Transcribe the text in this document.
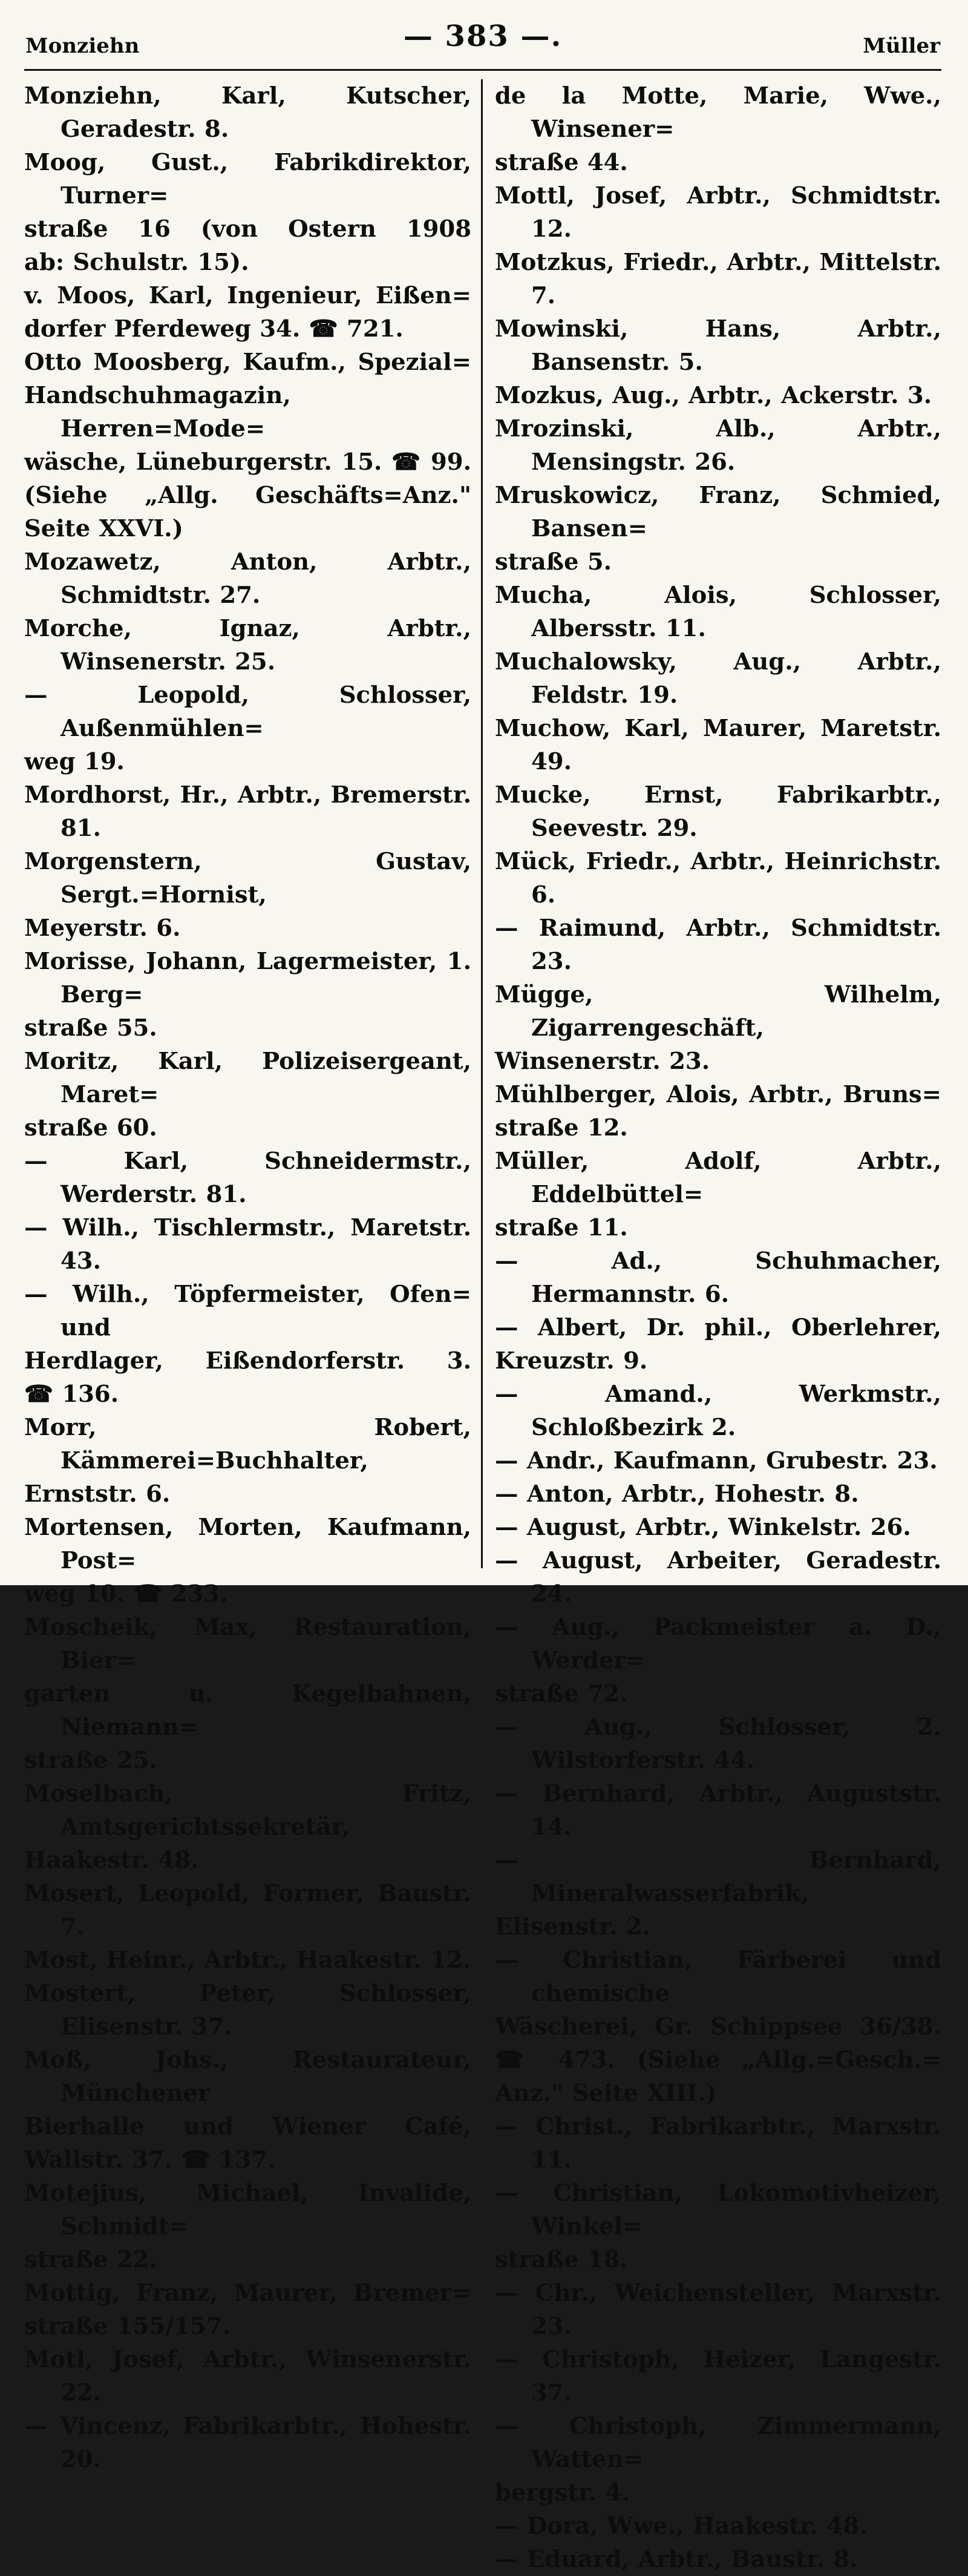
Monziehn	— 383 —.	Müller
Monziehn, Karl, Kutscher, Geradestr. 8.
Moog, Gust., Fabrikdirektor, Turner=
straße 16 (von Ostern 1908
ab: Schulstr. 15).
v. Moos, Karl, Ingenieur, Eißen=
dorfer Pferdeweg 34. ☎ 721.
Otto Moosberg, Kaufm., Spezial=
Handschuhmagazin, Herren=Mode=
wäsche, Lüneburgerstr. 15. ☎ 99.
(Siehe „Allg. Geschäfts=Anz."
Seite XXVI.)
Mozawetz, Anton, Arbtr., Schmidtstr. 27.
Morche, Ignaz, Arbtr., Winsenerstr. 25.
— Leopold, Schlosser, Außenmühlen=
weg 19.
Mordhorst, Hr., Arbtr., Bremerstr. 81.
Morgenstern, Gustav, Sergt.=Hornist,
Meyerstr. 6.
Morisse, Johann, Lagermeister, 1. Berg=
straße 55.
Moritz, Karl, Polizeisergeant, Maret=
straße 60.
— Karl, Schneidermstr., Werderstr. 81.
— Wilh., Tischlermstr., Maretstr. 43.
— Wilh., Töpfermeister, Ofen= und
Herdlager, Eißendorferstr. 3.
☎ 136.
Morr, Robert, Kämmerei=Buchhalter,
Ernststr. 6.
Mortensen, Morten, Kaufmann, Post=
weg 10. ☎ 233.
Moscheik, Max, Restauration, Bier=
garten u. Kegelbahnen, Niemann=
straße 25.
Moselbach, Fritz, Amtsgerichtssekretär,
Haakestr. 48.
Mosert, Leopold, Former, Baustr. 7.
Most, Heinr., Arbtr., Haakestr. 12.
Mostert, Peter, Schlosser, Elisenstr. 37.
Moß, Johs., Restaurateur, Münchener
Bierhalle und Wiener Café,
Wallstr. 37. ☎ 137.
Motejius, Michael, Invalide, Schmidt=
straße 22.
Mottig, Franz, Maurer, Bremer=
straße 155/157.
Motl, Josef, Arbtr., Winsenerstr. 22.
— Vincenz, Fabrikarbtr., Hohestr. 20.
de la Motte, Marie, Wwe., Winsener=
straße 44.
Mottl, Josef, Arbtr., Schmidtstr. 12.
Motzkus, Friedr., Arbtr., Mittelstr. 7.
Mowinski, Hans, Arbtr., Bansenstr. 5.
Mozkus, Aug., Arbtr., Ackerstr. 3.
Mrozinski, Alb., Arbtr., Mensingstr. 26.
Mruskowicz, Franz, Schmied, Bansen=
straße 5.
Mucha, Alois, Schlosser, Albersstr. 11.
Muchalowsky, Aug., Arbtr., Feldstr. 19.
Muchow, Karl, Maurer, Maretstr. 49.
Mucke, Ernst, Fabrikarbtr., Seevestr. 29.
Mück, Friedr., Arbtr., Heinrichstr. 6.
— Raimund, Arbtr., Schmidtstr. 23.
Mügge, Wilhelm, Zigarrengeschäft,
Winsenerstr. 23.
Mühlberger, Alois, Arbtr., Bruns=
straße 12.
Müller, Adolf, Arbtr., Eddelbüttel=
straße 11.
— Ad., Schuhmacher, Hermannstr. 6.
— Albert, Dr. phil., Oberlehrer,
Kreuzstr. 9.
— Amand., Werkmstr., Schloßbezirk 2.
— Andr., Kaufmann, Grubestr. 23.
— Anton, Arbtr., Hohestr. 8.
— August, Arbtr., Winkelstr. 26.
— August, Arbeiter, Geradestr. 24.
— Aug., Packmeister a. D., Werder=
straße 72.
— Aug., Schlosser, 2. Wilstorferstr. 44.
— Bernhard, Arbtr., Auguststr. 14.
— Bernhard, Mineralwasserfabrik,
Elisenstr. 2.
— Christian, Färberei und chemische
Wäscherei, Gr. Schippsee 36/38.
☎ 473. (Siehe „Allg.=Gesch.=
Anz." Seite XIII.)
— Christ., Fabrikarbtr., Marxstr. 11.
— Christian, Lokomotivheizer, Winkel=
straße 18.
— Chr., Weichensteller, Marxstr. 23.
— Christoph, Heizer, Langestr. 37.
— Christoph, Zimmermann, Watten=
bergstr. 4.
— Dora, Wwe., Haakestr. 48.
— Eduard, Arbtr., Baustr. 8.
